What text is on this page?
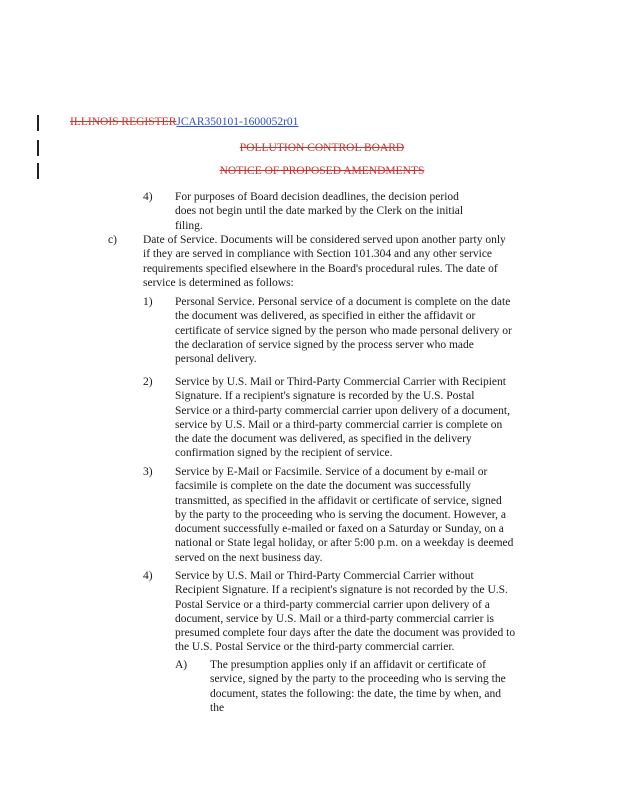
ILLINOIS REGISTERJCAR350101-1600052r01
POLLUTION CONTROL BOARD
NOTICE OF PROPOSED AMENDMENTS
4) For purposes of Board decision deadlines, the decision period does not begin until the date marked by the Clerk on the initial filing.
c) Date of Service. Documents will be considered served upon another party only if they are served in compliance with Section 101.304 and any other service requirements specified elsewhere in the Board's procedural rules. The date of service is determined as follows:
1) Personal Service. Personal service of a document is complete on the date the document was delivered, as specified in either the affidavit or certificate of service signed by the person who made personal delivery or the declaration of service signed by the process server who made personal delivery.
2) Service by U.S. Mail or Third-Party Commercial Carrier with Recipient Signature. If a recipient's signature is recorded by the U.S. Postal Service or a third-party commercial carrier upon delivery of a document, service by U.S. Mail or a third-party commercial carrier is complete on the date the document was delivered, as specified in the delivery confirmation signed by the recipient of service.
3) Service by E-Mail or Facsimile. Service of a document by e-mail or facsimile is complete on the date the document was successfully transmitted, as specified in the affidavit or certificate of service, signed by the party to the proceeding who is serving the document. However, a document successfully e-mailed or faxed on a Saturday or Sunday, on a national or State legal holiday, or after 5:00 p.m. on a weekday is deemed served on the next business day.
4) Service by U.S. Mail or Third-Party Commercial Carrier without Recipient Signature. If a recipient's signature is not recorded by the U.S. Postal Service or a third-party commercial carrier upon delivery of a document, service by U.S. Mail or a third-party commercial carrier is presumed complete four days after the date the document was provided to the U.S. Postal Service or the third-party commercial carrier.
A) The presumption applies only if an affidavit or certificate of service, signed by the party to the proceeding who is serving the document, states the following: the date, the time by when, and the
